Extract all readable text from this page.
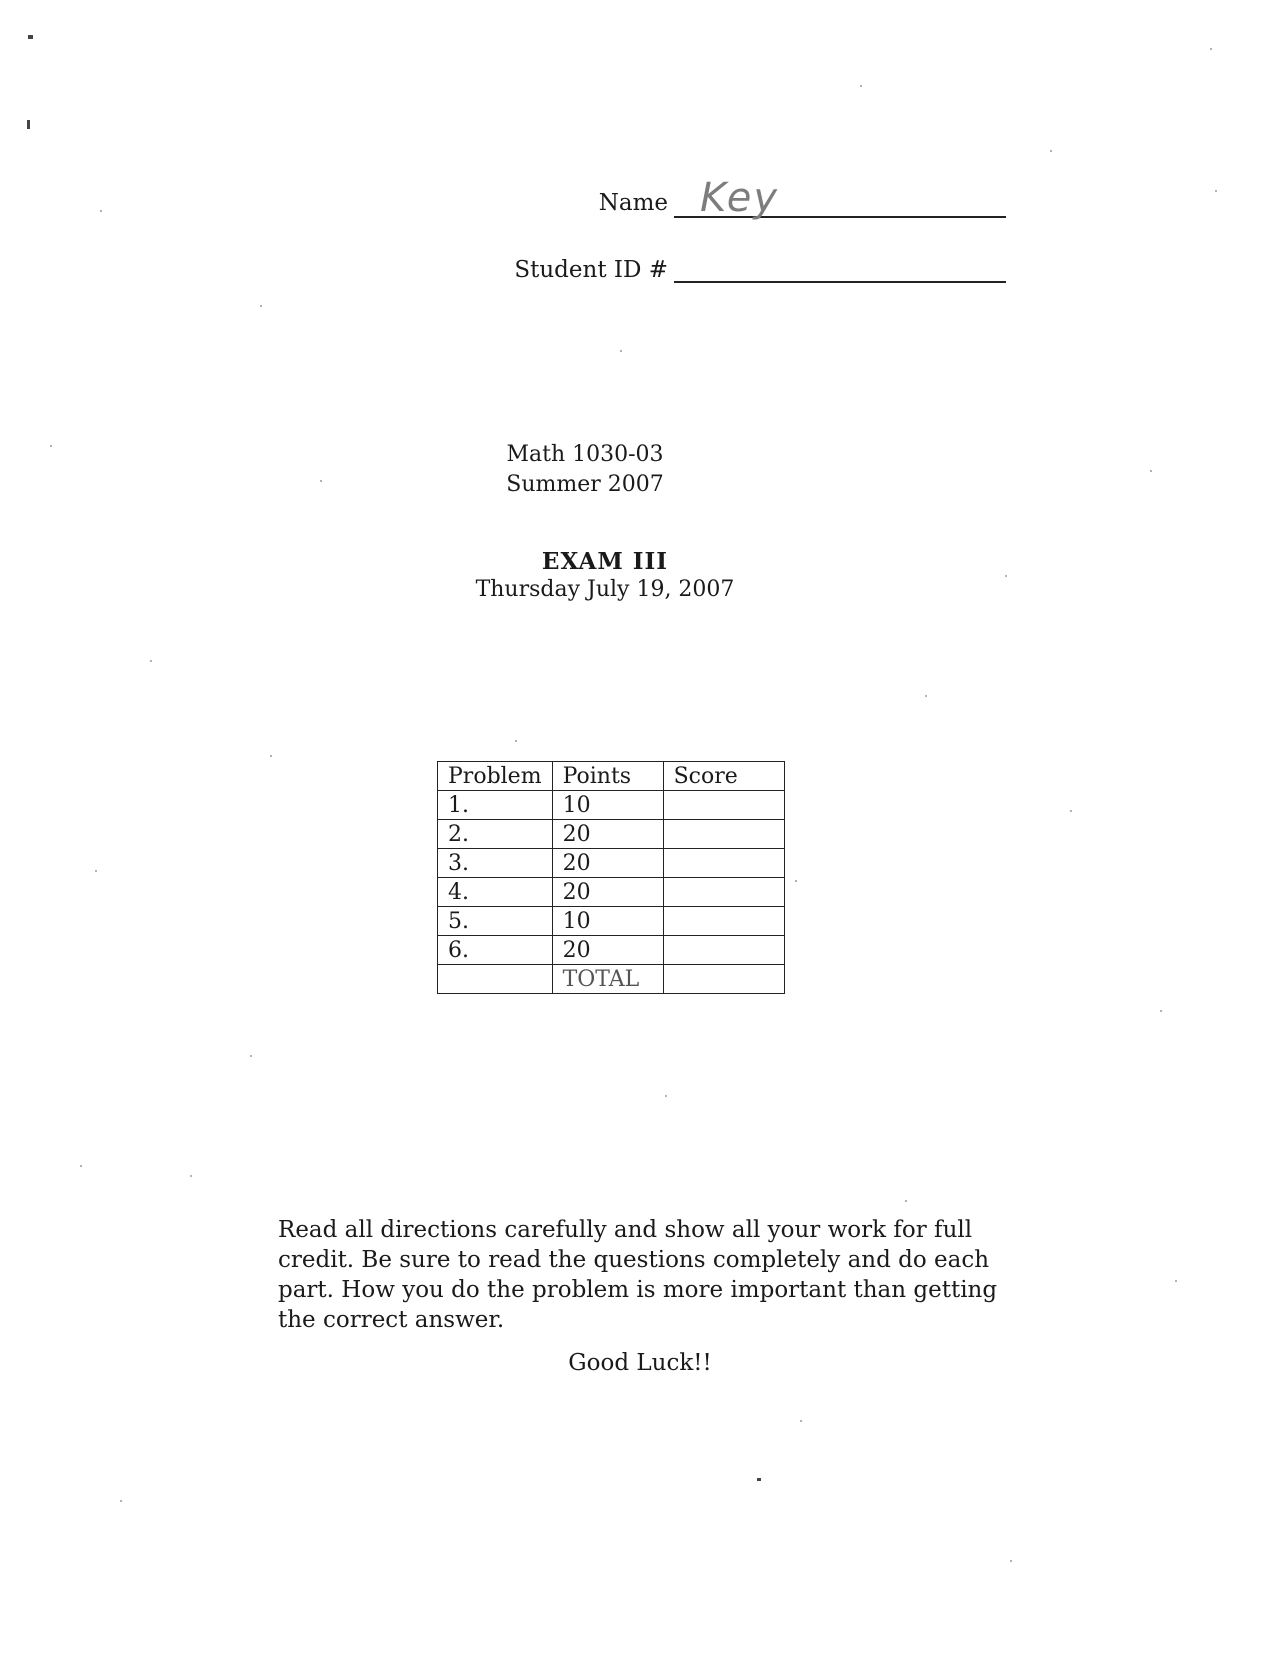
Name Key
Student ID #
Math 1030-03
Summer 2007
EXAM III
Thursday July 19, 2007
Problem	Points	Score
1.	10	
2.	20	
3.	20	
4.	20	
5.	10	
6.	20	
	TOTAL	
Read all directions carefully and show all your work for full credit. Be sure to read the questions completely and do each part. How you do the problem is more important than getting the correct answer.
Good Luck!!
